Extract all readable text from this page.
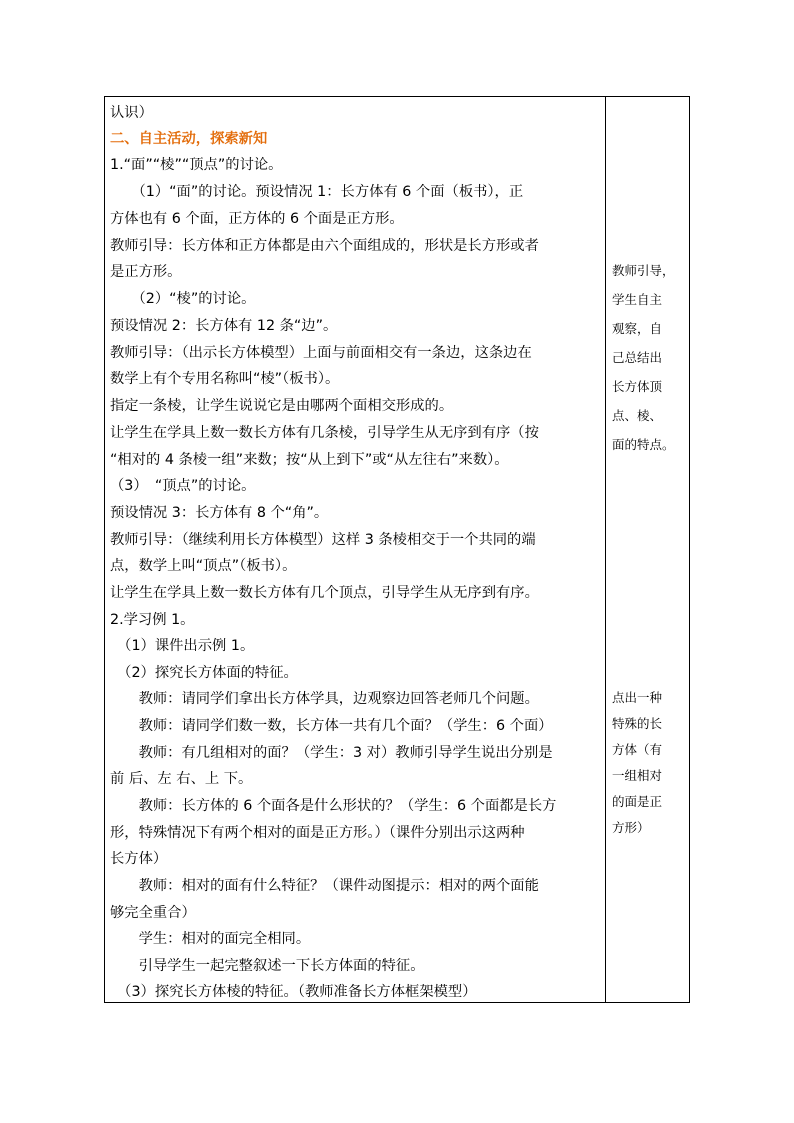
认识）
二、自主活动，探索新知
1.“面”“棱”“顶点”的讨论。
　　（1）“面”的讨论。预设情况 1：长方体有 6 个面（板书），正
方体也有 6 个面，正方体的 6 个面是正方形。
教师引导：长方体和正方体都是由六个面组成的，形状是长方形或者
是正方形。
　　（2）“棱”的讨论。
预设情况 2：长方体有 12 条“边”。
教师引导：（出示长方体模型）上面与前面相交有一条边，这条边在
数学上有个专用名称叫“棱”（板书）。
指定一条棱，让学生说说它是由哪两个面相交形成的。
让学生在学具上数一数长方体有几条棱，引导学生从无序到有序（按
“相对的 4 条棱一组”来数；按“从上到下”或“从左往右”来数）。
（3）　“顶点”的讨论。
预设情况 3：长方体有 8 个“角”。
教师引导：（继续利用长方体模型）这样 3 条棱相交于一个共同的端
点，数学上叫“顶点”（板书）。
让学生在学具上数一数长方体有几个顶点，引导学生从无序到有序。
2.学习例 1。
　（1）课件出示例 1。
　（2）探究长方体面的特征。
　　教师：请同学们拿出长方体学具，边观察边回答老师几个问题。
　　教师：请同学们数一数，长方体一共有几个面？（学生：6 个面）
　　教师：有几组相对的面？（学生：3 对）教师引导学生说出分别是
前 后、左 右、上 下。
　　教师：长方体的 6 个面各是什么形状的？（学生：6 个面都是长方
形，特殊情况下有两个相对的面是正方形。）（课件分别出示这两种
长方体）
　　教师：相对的面有什么特征？（课件动图提示：相对的两个面能
够完全重合）
　　学生：相对的面完全相同。
　　引导学生一起完整叙述一下长方体面的特征。
　（3）探究长方体棱的特征。（教师准备长方体框架模型）
教师引导，
学生自主
观察，自
己总结出
长方体顶
点、棱、
面的特点。
点出一种
特殊的长
方体（有
一组相对
的面是正
方形）
